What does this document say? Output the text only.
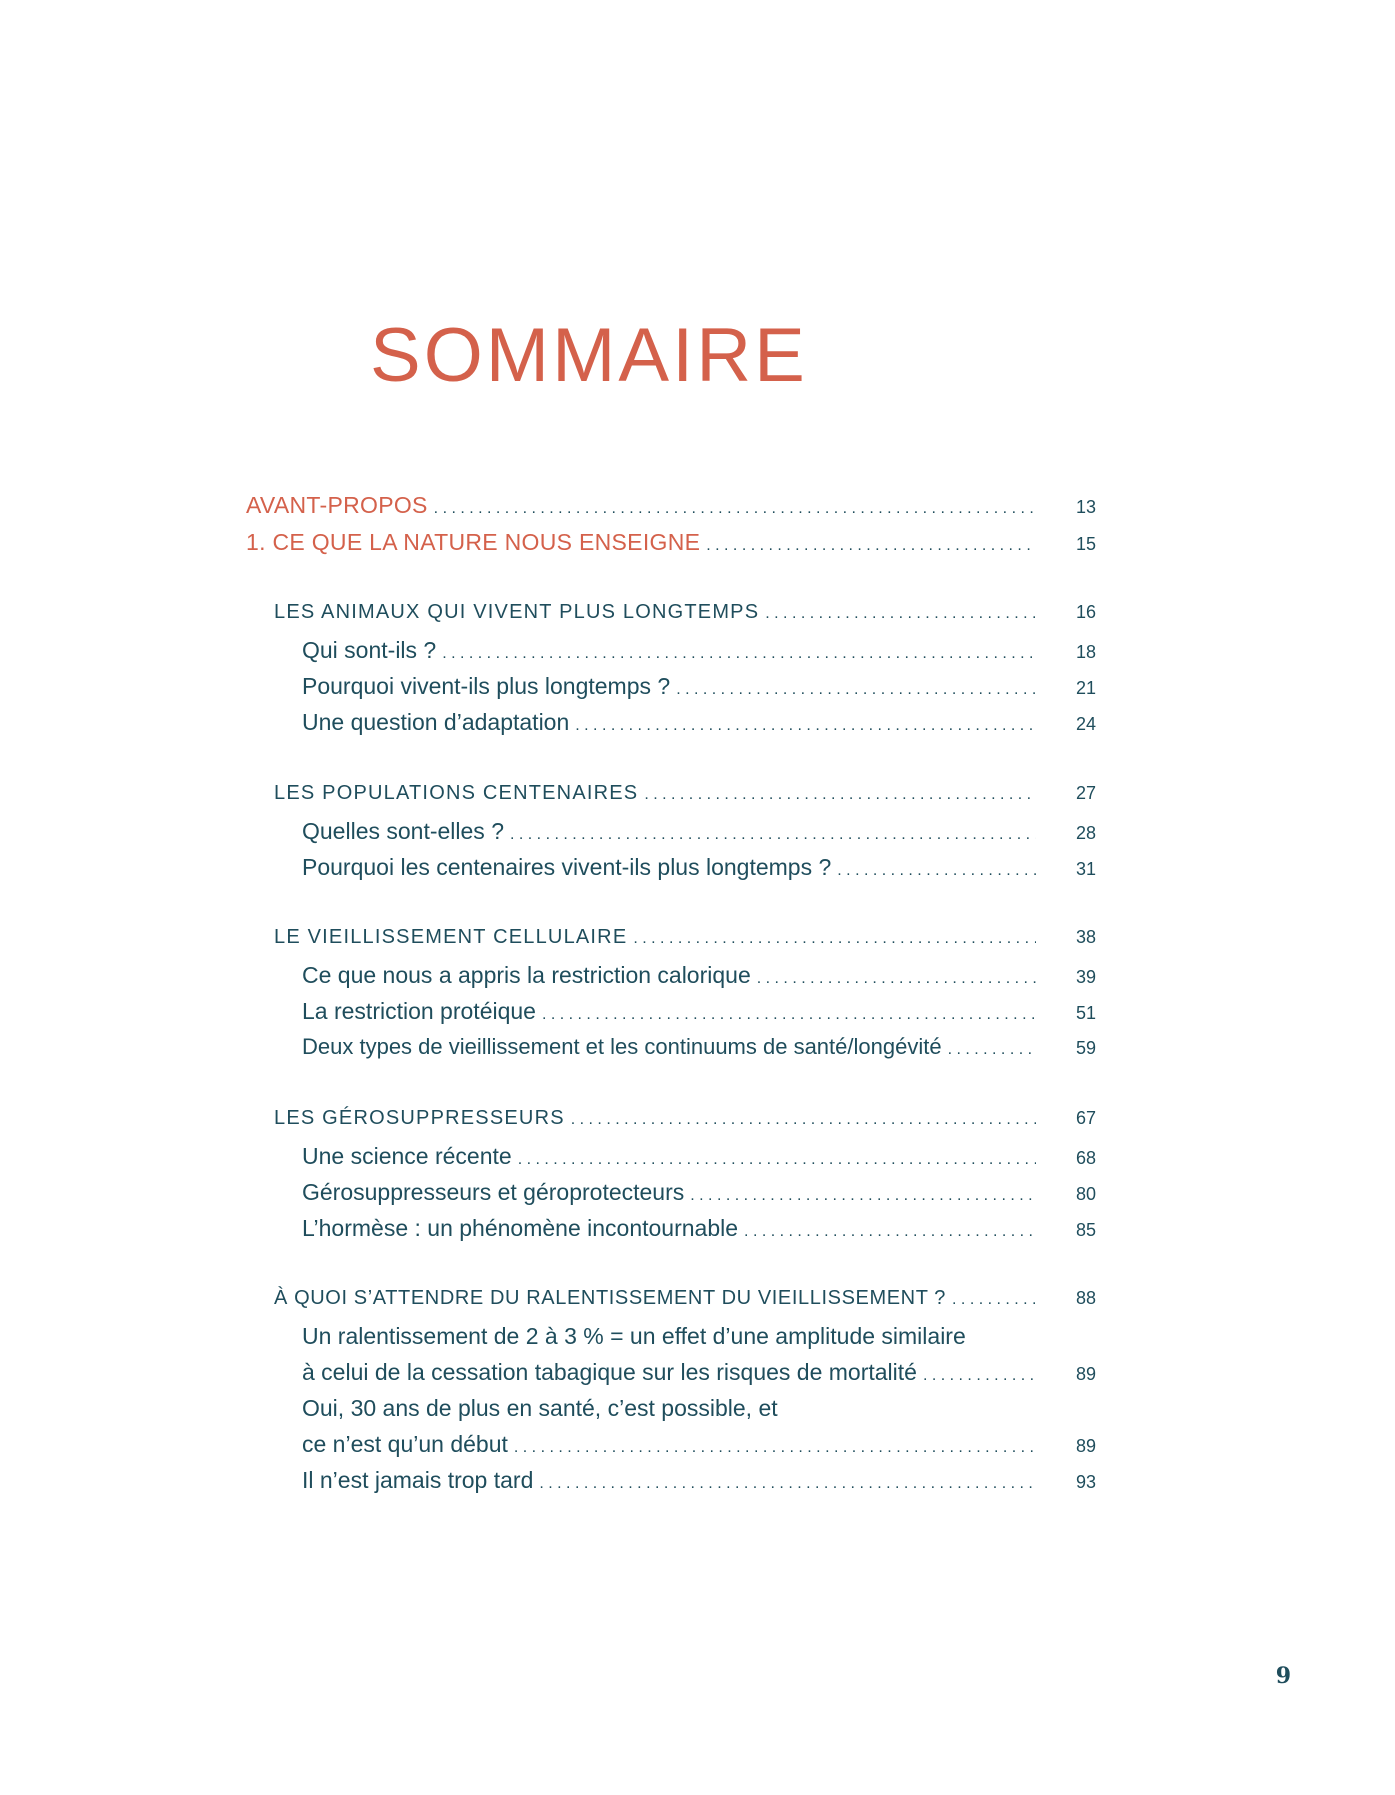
SOMMAIRE
AVANT-PROPOS . . .	13
1. CE QUE LA NATURE NOUS ENSEIGNE . . .	15
LES ANIMAUX QUI VIVENT PLUS LONGTEMPS . . .	16
Qui sont-ils ? . . .	18
Pourquoi vivent-ils plus longtemps ? . . .	21
Une question d’adaptation . . .	24
LES POPULATIONS CENTENAIRES . . .	27
Quelles sont-elles ? . . .	28
Pourquoi les centenaires vivent-ils plus longtemps ? . . .	31
LE VIEILLISSEMENT CELLULAIRE . . .	38
Ce que nous a appris la restriction calorique . . .	39
La restriction protéique . . .	51
Deux types de vieillissement et les continuums de santé/longévité . . .	59
LES GÉROSUPPRESSEURS . . .	67
Une science récente . . .	68
Gérosuppresseurs et géroprotecteurs . . .	80
L’hormèse : un phénomène incontournable . . .	85
À QUOI S’ATTENDRE DU RALENTISSEMENT DU VIEILLISSEMENT ? . . .	88
Un ralentissement de 2 à 3 % = un effet d’une amplitude similaire
à celui de la cessation tabagique sur les risques de mortalité . . .	89
Oui, 30 ans de plus en santé, c’est possible, et
ce n’est qu’un début . . .	89
Il n’est jamais trop tard . . .	93
9
